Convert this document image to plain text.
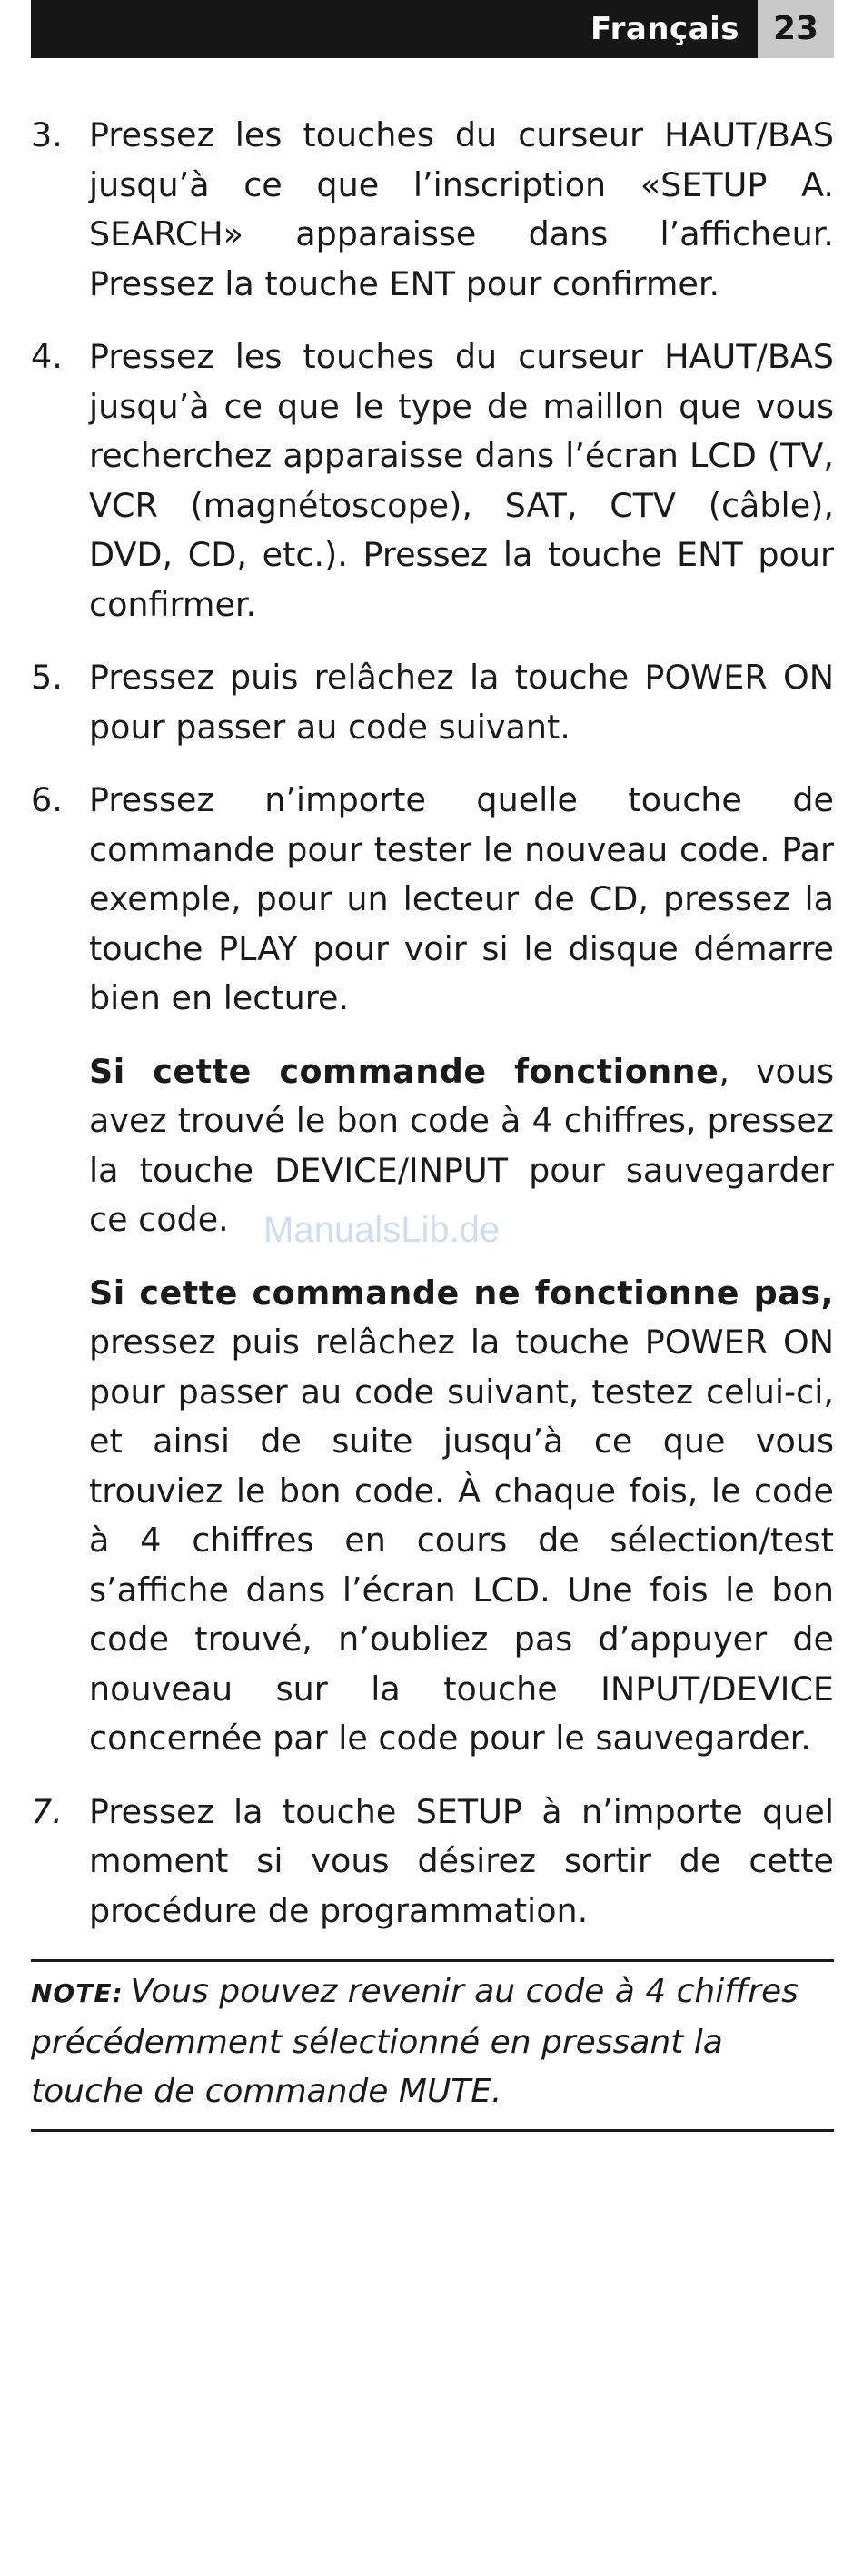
Français	23
3. Pressez les touches du curseur HAUT/BAS jusqu’à ce que l’inscription «SETUP A. SEARCH» apparaisse dans l’afficheur. Pressez la touche ENT pour confirmer.
4. Pressez les touches du curseur HAUT/BAS jusqu’à ce que le type de maillon que vous recherchez apparaisse dans l’écran LCD (TV, VCR (magnétoscope), SAT, CTV (câble), DVD, CD, etc.). Pressez la touche ENT pour confirmer.
5. Pressez puis relâchez la touche POWER ON pour passer au code suivant.
6. Pressez n’importe quelle touche de commande pour tester le nouveau code. Par exemple, pour un lecteur de CD, pressez la touche PLAY pour voir si le disque démarre bien en lecture.
Si cette commande fonctionne, vous avez trouvé le bon code à 4 chiffres, pressez la touche DEVICE/INPUT pour sauvegarder ce code.
Si cette commande ne fonctionne pas, pressez puis relâchez la touche POWER ON pour passer au code suivant, testez celui-ci, et ainsi de suite jusqu’à ce que vous trouviez le bon code. À chaque fois, le code à 4 chiffres en cours de sélection/test s’affiche dans l’écran LCD. Une fois le bon code trouvé, n’oubliez pas d’appuyer de nouveau sur la touche INPUT/DEVICE concernée par le code pour le sauvegarder.
7. Pressez la touche SETUP à n’importe quel moment si vous désirez sortir de cette procédure de programmation.
NOTE: Vous pouvez revenir au code à 4 chiffres précédemment sélectionné en pressant la touche de commande MUTE.
ManualsLib.de
